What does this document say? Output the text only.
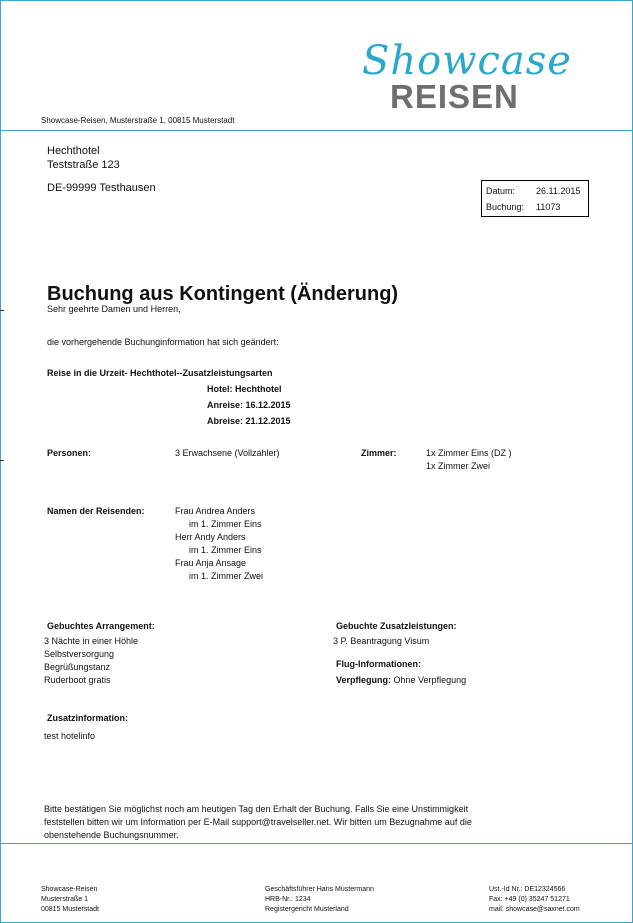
Showcase
REISEN
Showcase-Reisen, Musterstraße 1, 00815 Musterstadt
Hechthotel
Teststraße 123
DE-99999 Testhausen	Datum: 26.11.2015
Buchung: 11073
Buchung aus Kontingent (Änderung)
Sehr geehrte Damen und Herren,
die vorhergehende Buchunginformation hat sich geändert:
Reise in die Urzeit- Hechthotel--Zusatzleistungsarten
Hotel: Hechthotel
Anreise: 16.12.2015
Abreise: 21.12.2015
Personen:	3 Erwachsene (Vollzahler)	Zimmer:	1x Zimmer Eins (DZ )
1x Zimmer Zwei
Namen der Reisenden:	Frau Andrea Anders
im 1. Zimmer Eins
Herr Andy Anders
im 1. Zimmer Eins
Frau Anja Ansage
im 1. Zimmer Zwei
Gebuchtes Arrangement:
3 Nächte in einer Höhle
Selbstversorgung
Begrüßungstanz
Ruderboot gratis
Gebuchte Zusatzleistungen:
3 P. Beantragung Visum
Flug-Informationen:
Verpflegung: Ohne Verpflegung
Zusatzinformation:
test hotelinfo
Bitte bestätigen Sie möglichst noch am heutigen Tag den Erhalt der Buchung. Falls Sie eine Unstimmigkeit
feststellen bitten wir um Information per E-Mail support@travelseller.net. Wir bitten um Bezugnahme auf die
obenstehende Buchungsnummer.
Showcase-Reisen
Musterstraße 1
00815 Musterstadt
Geschäftsführer Hans Mustermann
HRB-Nr.: 1234
Registergericht Musterland
Ust.-Id Nr.: DE12324566
Fax: +49 (0) 35247 51271
mail: showcase@saxnet.com
